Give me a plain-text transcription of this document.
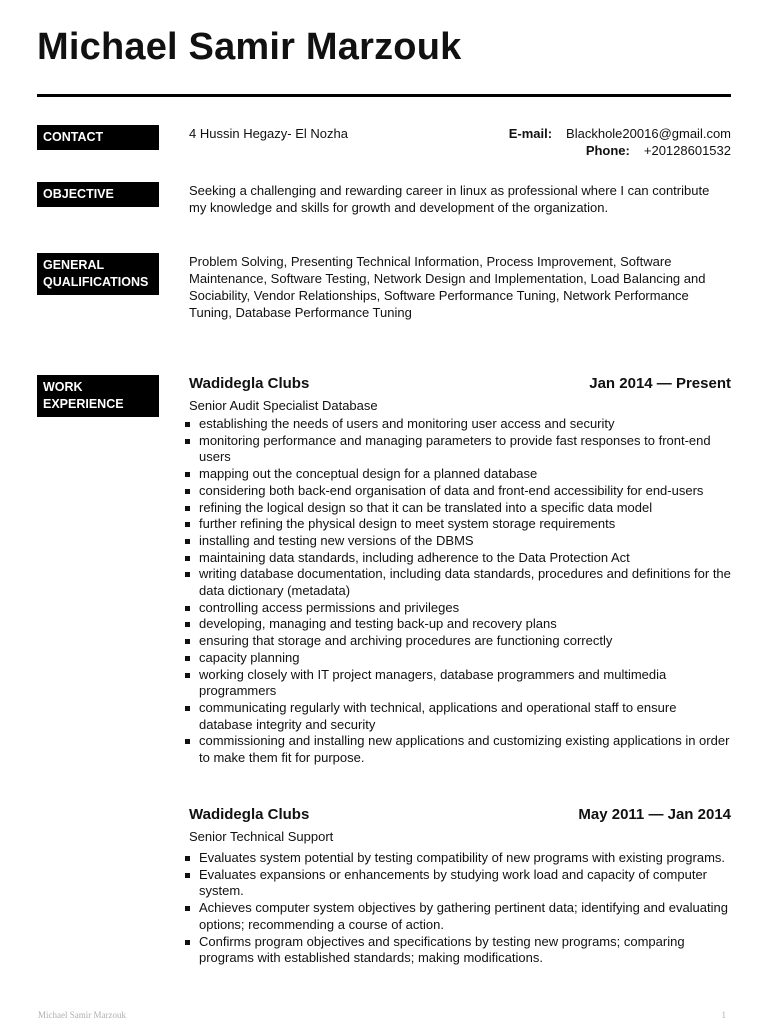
Michael Samir Marzouk
CONTACT	4 Hussin Hegazy- El Nozha	E-mail: Blackhole20016@gmail.com
Phone: +20128601532
OBJECTIVE	Seeking a challenging and rewarding career in linux as professional where I can contribute my knowledge and skills for growth and development of the organization.
GENERAL
QUALIFICATIONS
Problem Solving, Presenting Technical Information, Process Improvement, Software Maintenance, Software Testing, Network Design and Implementation, Load Balancing and Sociability, Vendor Relationships, Software Performance Tuning, Network Performance Tuning, Database Performance Tuning
WORK
EXPERIENCE
Wadidegla Clubs	Jan 2014 — Present
Senior Audit Specialist Database
establishing the needs of users and monitoring user access and security
monitoring performance and managing parameters to provide fast responses to front-end users
mapping out the conceptual design for a planned database
considering both back-end organisation of data and front-end accessibility for end-users
refining the logical design so that it can be translated into a specific data model
further refining the physical design to meet system storage requirements
installing and testing new versions of the DBMS
maintaining data standards, including adherence to the Data Protection Act
writing database documentation, including data standards, procedures and definitions for the data dictionary (metadata)
controlling access permissions and privileges
developing, managing and testing back-up and recovery plans
ensuring that storage and archiving procedures are functioning correctly
capacity planning
working closely with IT project managers, database programmers and multimedia programmers
communicating regularly with technical, applications and operational staff to ensure database integrity and security
commissioning and installing new applications and customizing existing applications in order to make them fit for purpose.
Wadidegla Clubs	May 2011 — Jan 2014
Senior Technical Support
Evaluates system potential by testing compatibility of new programs with existing programs.
Evaluates expansions or enhancements by studying work load and capacity of computer system.
Achieves computer system objectives by gathering pertinent data; identifying and evaluating options; recommending a course of action.
Confirms program objectives and specifications by testing new programs; comparing programs with established standards; making modifications.
Michael Samir Marzouk	1
